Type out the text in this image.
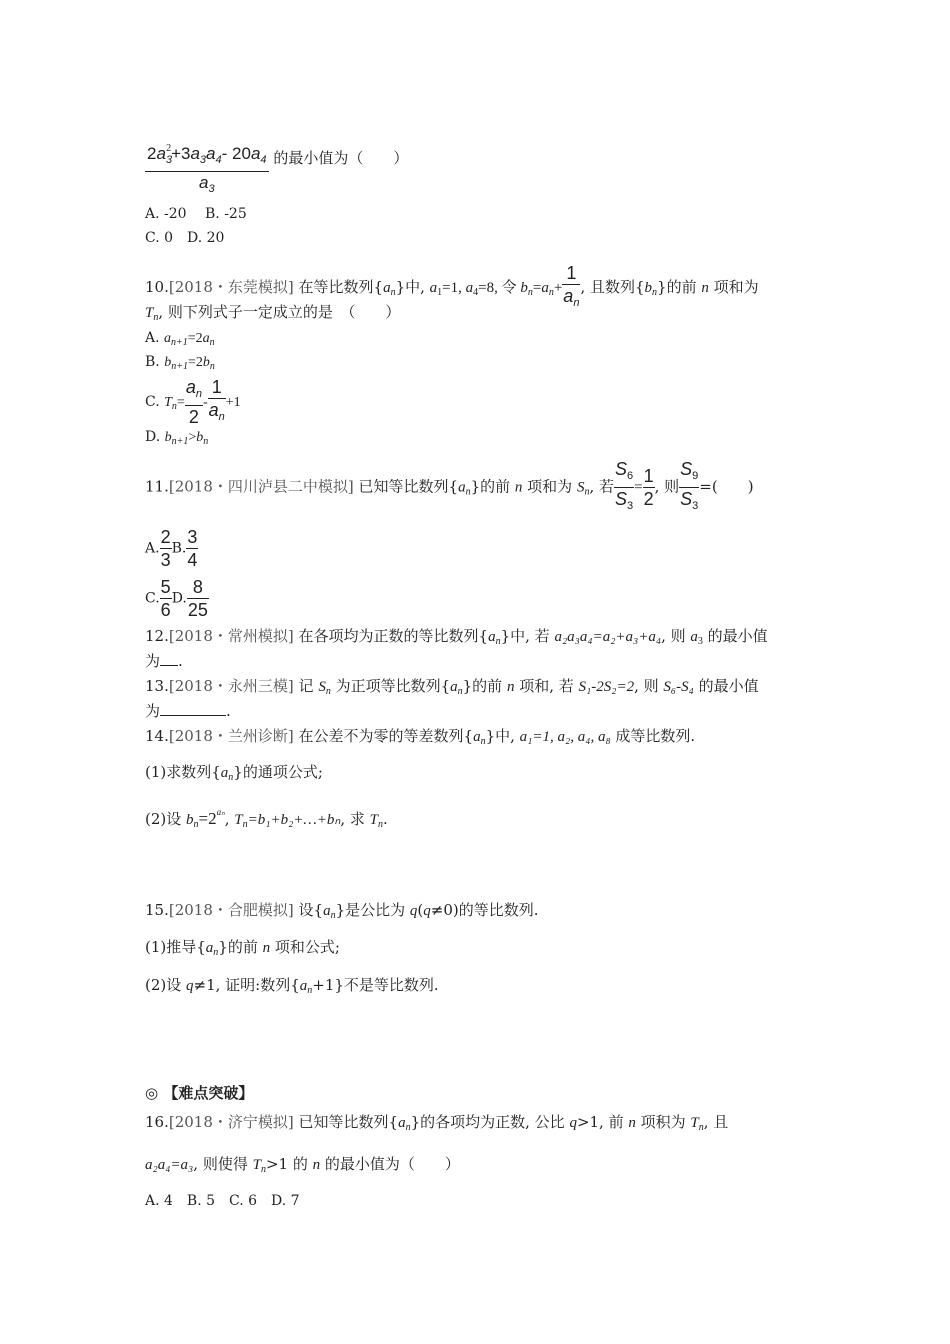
$\frac{2a_3^2+3a_3a_4- 20a_4}{a_3}$ 的最小值为（　　）
A. -20　 B. -25
C. 0　D. 20
10.[2018・东莞模拟] 在等比数列$\{a_n\}$中, $a_1=1$, $a_4=8$, 令 $b_n=a_n+ \frac{1}{a_n}$ , 且数列$\{b_n\}$的前 n 项和为
$T_n$, 则下列式子一定成立的是　（　　）
A. $a_{n+1}=2a_n$
B. $b_{n+1}=2b_n$
C. $T_n= \frac{a_n}{2} - \frac{1}{a_n} +1$
D. $b_{n+1}>b_n$
11.[2018・四川泸县二中模拟] 已知等比数列$\{a_n\}$的前 n 项和为 $S_n$, 若 $\frac{S_6}{S_3} = \frac{1}{2}$ , 则 $\frac{S_9}{S_3}$ =(　　)
A. $\frac{2}{3} B$. $\frac{3}{4}$
C. $\frac{5}{6} D$. $\frac{8}{25}$
12.[2018・常州模拟] 在各项均为正数的等比数列$\{a_n\}$中, 若 a₂a₃a₄=a₂+a₃+a₄, 则 $a_3$ 的最小值
为 .
13.[2018・永州三模] 记 $S_n$ 为正项等比数列$\{a_n\}$的前 n 项和, 若 S₁-2S₂=2, 则 S₆-S₄ 的最小值
为	.
14.[2018・兰州诊断] 在公差不为零的等差数列$\{a_n\}$中, a₁=1, a₂, a₄, a₈ 成等比数列.
(1)求数列$\{a_n\}$的通项公式;
(2)设 $b_n=2^{a_n}$, $T_n=b_1+b_2+\dots+b_n$, 求 $T_n$.
15.[2018・合肥模拟] 设$\{a_n\}$是公比为 q(q≠0)的等比数列.
(1)推导$\{a_n\}$的前 n 项和公式;
(2)设 q≠1, 证明:数列$\{a_n+1\}$不是等比数列.
◎ 【难点突破】
16.[2018・济宁模拟] 已知等比数列$\{a_n\}$的各项均为正数, 公比 q>1, 前 n 项积为 $T_n$, 且
a₂a₄=a₃, 则使得 $T_n>1$ 的 n 的最小值为（　　）
A. 4　B. 5　C. 6　D. 7
